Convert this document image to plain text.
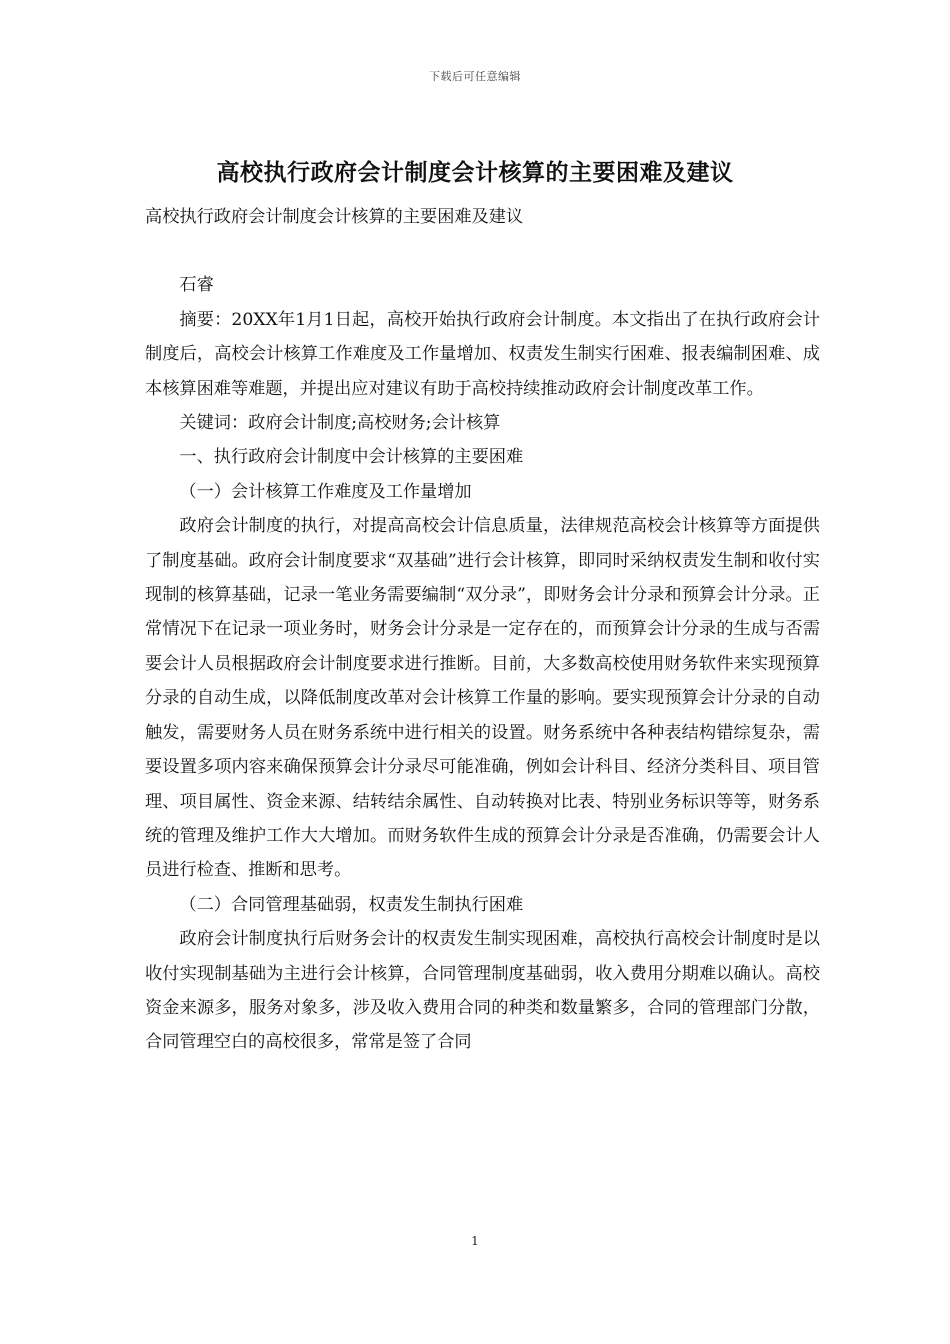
下载后可任意编辑
高校执行政府会计制度会计核算的主要困难及建议

高校执行政府会计制度会计核算的主要困难及建议

石睿

摘要：20XX年1月1日起，高校开始执行政府会计制度。本文指出了在执行政府会计制度后，高校会计核算工作难度及工作量增加、权责发生制实行困难、报表编制困难、成本核算困难等难题，并提出应对建议有助于高校持续推动政府会计制度改革工作。

关键词：政府会计制度;高校财务;会计核算

一、执行政府会计制度中会计核算的主要困难

（一）会计核算工作难度及工作量增加

政府会计制度的执行，对提高高校会计信息质量，法律规范高校会计核算等方面提供了制度基础。政府会计制度要求“双基础”进行会计核算，即同时采纳权责发生制和收付实现制的核算基础，记录一笔业务需要编制“双分录”，即财务会计分录和预算会计分录。正常情况下在记录一项业务时，财务会计分录是一定存在的，而预算会计分录的生成与否需要会计人员根据政府会计制度要求进行推断。目前，大多数高校使用财务软件来实现预算分录的自动生成，以降低制度改革对会计核算工作量的影响。要实现预算会计分录的自动触发，需要财务人员在财务系统中进行相关的设置。财务系统中各种表结构错综复杂，需要设置多项内容来确保预算会计分录尽可能准确，例如会计科目、经济分类科目、项目管理、项目属性、资金来源、结转结余属性、自动转换对比表、特别业务标识等等，财务系统的管理及维护工作大大增加。而财务软件生成的预算会计分录是否准确，仍需要会计人员进行检查、推断和思考。

（二）合同管理基础弱，权责发生制执行困难

政府会计制度执行后财务会计的权责发生制实现困难，高校执行高校会计制度时是以收付实现制基础为主进行会计核算，合同管理制度基础弱，收入费用分期难以确认。高校资金来源多，服务对象多，涉及收入费用合同的种类和数量繁多，合同的管理部门分散，合同管理空白的高校很多，常常是签了合同

1
